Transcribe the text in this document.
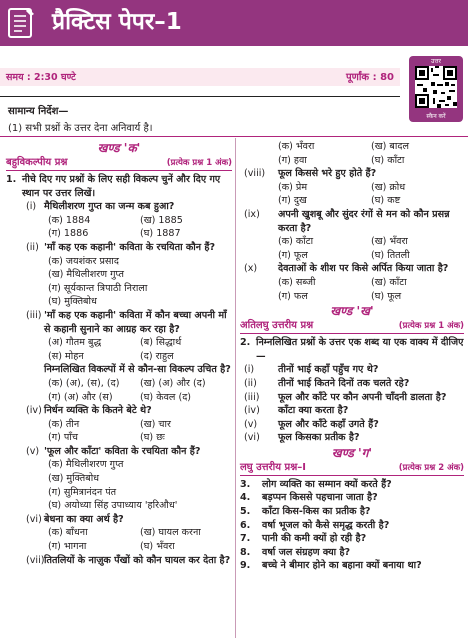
प्रैक्टिस पेपर–1
समय : 2:30 घण्टे	पूर्णांक : 80
उत्तर
स्कैन करें
सामान्य निर्देश—
(1) सभी प्रश्नों के उत्तर देना अनिवार्य है।
खण्ड 'क'
बहुविकल्पीय प्रश्न	(प्रत्येक प्रश्न 1 अंक)
1. नीचे दिए गए प्रश्नों के लिए सही विकल्प चुनें और दिए गए स्थान पर उत्तर लिखें।
(i) मैथिलीशरण गुप्त का जन्म कब हुआ?
(क) 1884	(ख) 1885
(ग) 1886	(घ) 1887
(ii) 'माँ कह एक कहानी' कविता के रचयिता कौन हैं?
(क) जयशंकर प्रसाद
(ख) मैथिलीशरण गुप्त
(ग) सूर्यकान्त त्रिपाठी निराला
(घ) मुक्तिबोध
(iii) 'माँ कह एक कहानी' कविता में कौन बच्चा अपनी माँ से कहानी सुनाने का आग्रह कर रहा है?
(अ) गौतम बुद्ध	(ब) सिद्धार्थ
(स) मोहन	(द) राहुल
निम्नलिखित विकल्पों में से कौन-सा विकल्प उचित है?
(क) (अ), (स), (द)	(ख) (अ) और (द)
(ग) (अ) और (स)	(घ) केवल (द)
(iv) निर्धन व्यक्ति के कितने बेटे थे?
(क) तीन	(ख) चार
(ग) पाँच	(घ) छः
(v) 'फूल और काँटा' कविता के रचयिता कौन हैं?
(क) मैथिलीशरण गुप्त
(ख) मुक्तिबोध
(ग) सुमित्रानंदन पंत
(घ) अयोध्या सिंह उपाध्याय 'हरिऔध'
(vi) बेधना का क्या अर्थ है?
(क) बाँधना	(ख) घायल करना
(ग) भागना	(घ) भँवरा
(vii) तितलियों के नाज़ुक पँखों को कौन घायल कर देता है?
(क) भँवरा	(ख) बादल
(ग) हवा	(घ) काँटा
(viii)	फूल किससे भरे हुए होते हैं?
(क) प्रेम	(ख) क्रोध
(ग) दुख	(घ) कष्ट
(ix)	अपनी खुशबू और सुंदर रंगों से मन को कौन प्रसन्न करता है?
(क) काँटा	(ख) भँवरा
(ग) फूल	(घ) तितली
(x)	देवताओं के शीश पर किसे अर्पित किया जाता है?
(क) सब्जी	(ख) काँटा
(ग) फल	(घ) फूल
खण्ड 'ख'
अतिलघु उत्तरीय प्रश्न	(प्रत्येक प्रश्न 1 अंक)
2. निम्नलिखित प्रश्नों के उत्तर एक शब्द या एक वाक्य में दीजिए—
(i)	तीनों भाई कहाँ पहुँच गए थे?
(ii)	तीनों भाई कितने दिनों तक चलते रहे?
(iii)	फूल और काँटे पर कौन अपनी चाँदनी डालता है?
(iv)	काँटा क्या करता है?
(v)	फूल और काँटे कहाँ उगते हैं?
(vi)	फूल किसका प्रतीक है?
खण्ड 'ग'
लघु उत्तरीय प्रश्न–I	(प्रत्येक प्रश्न 2 अंक)
3.	लोग व्यक्ति का सम्मान क्यों करते हैं?
4.	बड़प्पन किससे पहचाना जाता है?
5.	काँटा किस-किस का प्रतीक है?
6.	वर्षा भूजल को कैसे समृद्ध करती है?
7.	पानी की कमी क्यों हो रही है?
8.	वर्षा जल संग्रहण क्या है?
9.	बच्चे ने बीमार होने का बहाना क्यों बनाया था?
